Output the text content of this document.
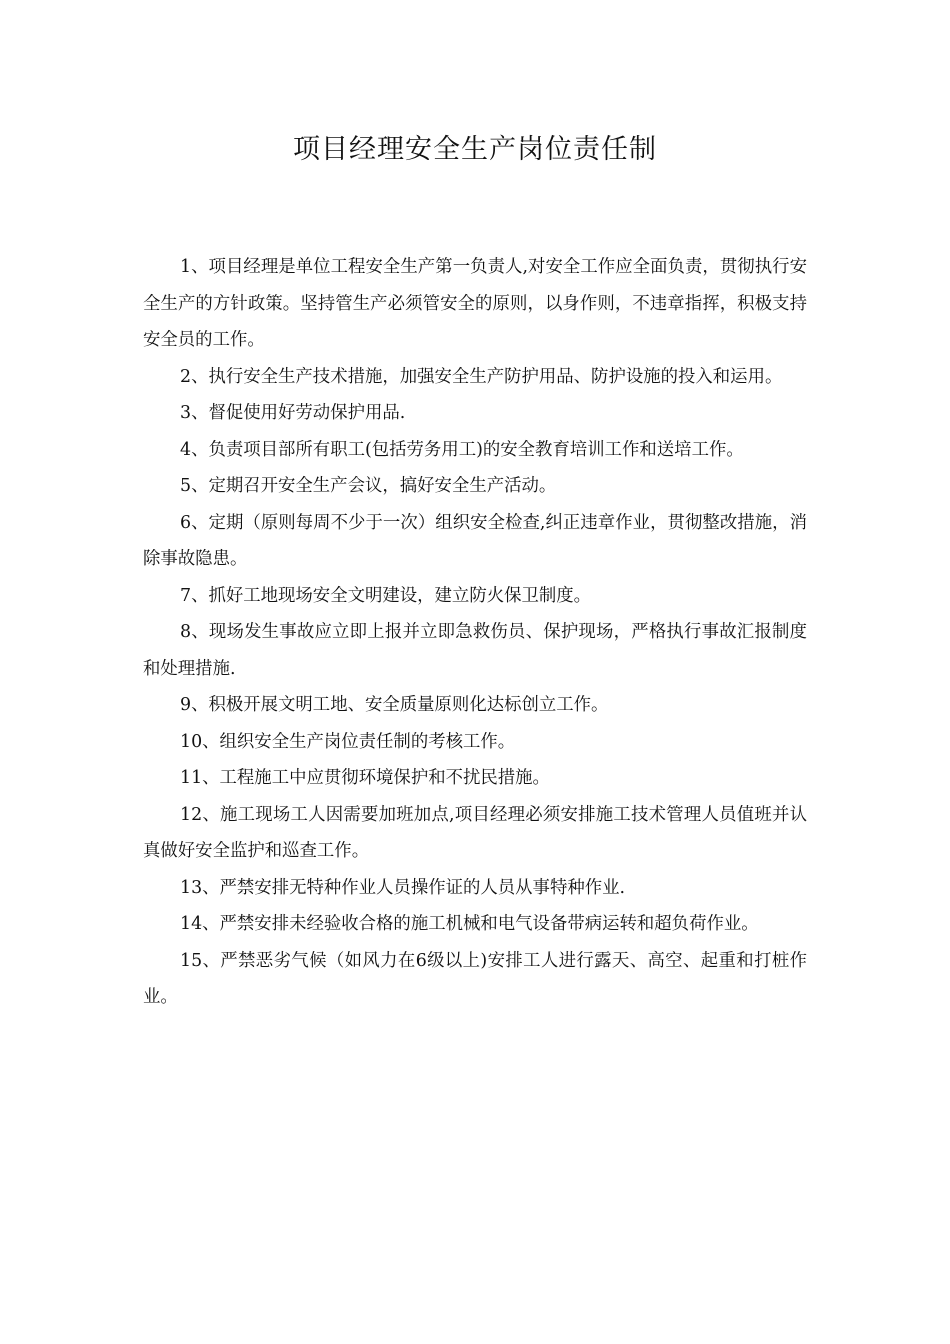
项目经理安全生产岗位责任制
1、项目经理是单位工程安全生产第一负责人,对安全工作应全面负责，贯彻执行安全生产的方针政策。坚持管生产必须管安全的原则，以身作则，不违章指挥，积极支持安全员的工作。
2、执行安全生产技术措施，加强安全生产防护用品、防护设施的投入和运用。
3、督促使用好劳动保护用品.
4、负责项目部所有职工(包括劳务用工)的安全教育培训工作和送培工作。
5、定期召开安全生产会议，搞好安全生产活动。
6、定期（原则每周不少于一次）组织安全检查,纠正违章作业，贯彻整改措施，消除事故隐患。
7、抓好工地现场安全文明建设，建立防火保卫制度。
8、现场发生事故应立即上报并立即急救伤员、保护现场，严格执行事故汇报制度和处理措施.
9、积极开展文明工地、安全质量原则化达标创立工作。
10、组织安全生产岗位责任制的考核工作。
11、工程施工中应贯彻环境保护和不扰民措施。
12、施工现场工人因需要加班加点,项目经理必须安排施工技术管理人员值班并认真做好安全监护和巡查工作。
13、严禁安排无特种作业人员操作证的人员从事特种作业.
14、严禁安排未经验收合格的施工机械和电气设备带病运转和超负荷作业。
15、严禁恶劣气候（如风力在6级以上)安排工人进行露天、高空、起重和打桩作业。
